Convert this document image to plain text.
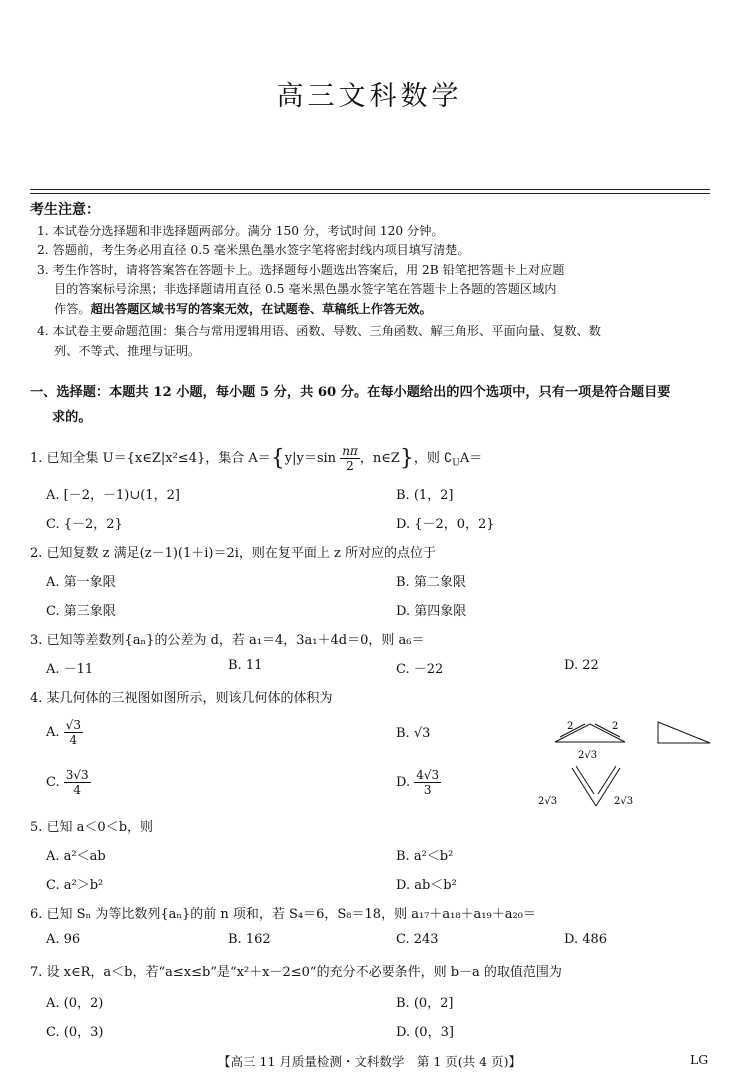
高三文科数学
考生注意：
1. 本试卷分选择题和非选择题两部分。满分 150 分，考试时间 120 分钟。
2. 答题前，考生务必用直径 0.5 毫米黑色墨水签字笔将密封线内项目填写清楚。
3. 考生作答时，请将答案答在答题卡上。选择题每小题选出答案后，用 2B 铅笔把答题卡上对应题
目的答案标号涂黑；非选择题请用直径 0.5 毫米黑色墨水签字笔在答题卡上各题的答题区域内
作答。超出答题区域书写的答案无效，在试题卷、草稿纸上作答无效。
4. 本试卷主要命题范围：集合与常用逻辑用语、函数、导数、三角函数、解三角形、平面向量、复数、数
列、不等式、推理与证明。
一、选择题：本题共 12 小题，每小题 5 分，共 60 分。在每小题给出的四个选项中，只有一项是符合题目要
求的。
1. 已知全集 U＝{x∈Z|x²≤4}，集合 $A=\{y|y=\sin \frac{n\pi}{2}$ ，n∈Z}，则 $∁_UA=$
A. [－2，－1)∪(1，2]	B. (1，2]
C. {－2，2}	D. {－2，0，2}
2. 已知复数 z 满足(z－1)(1＋i)＝2i，则在复平面上 z 所对应的点位于
A. 第一象限	B. 第二象限
C. 第三象限	D. 第四象限
3. 已知等差数列{aₙ}的公差为 d，若 a₁＝4，3a₁＋4d＝0，则 a₆＝
A. －11	B. 11	C. －22	D. 22
4. 某几何体的三视图如图所示，则该几何体的体积为
A. $\frac{√3}{4}$	B. √3
C. $\frac{3√3}{4}$	D. $\frac{4√3}{3}$
2	2
2√3
2√3	2√3
5. 已知 a＜0＜b，则
A. a²＜ab	B. a²＜b²
C. a²＞b²	D. ab＜b²
6. 已知 Sₙ 为等比数列{aₙ}的前 n 项和，若 S₄＝6，S₈＝18，则 a₁₇＋a₁₈＋a₁₉＋a₂₀＝
A. 96	B. 162	C. 243	D. 486
7. 设 x∈R，a＜b，若“a≤x≤b”是“x²＋x－2≤0”的充分不必要条件，则 b－a 的取值范围为
A. (0，2)	B. (0，2]
C. (0，3)	D. (0，3]
【高三 11 月质量检测・文科数学　第 1 页(共 4 页)】	LG
